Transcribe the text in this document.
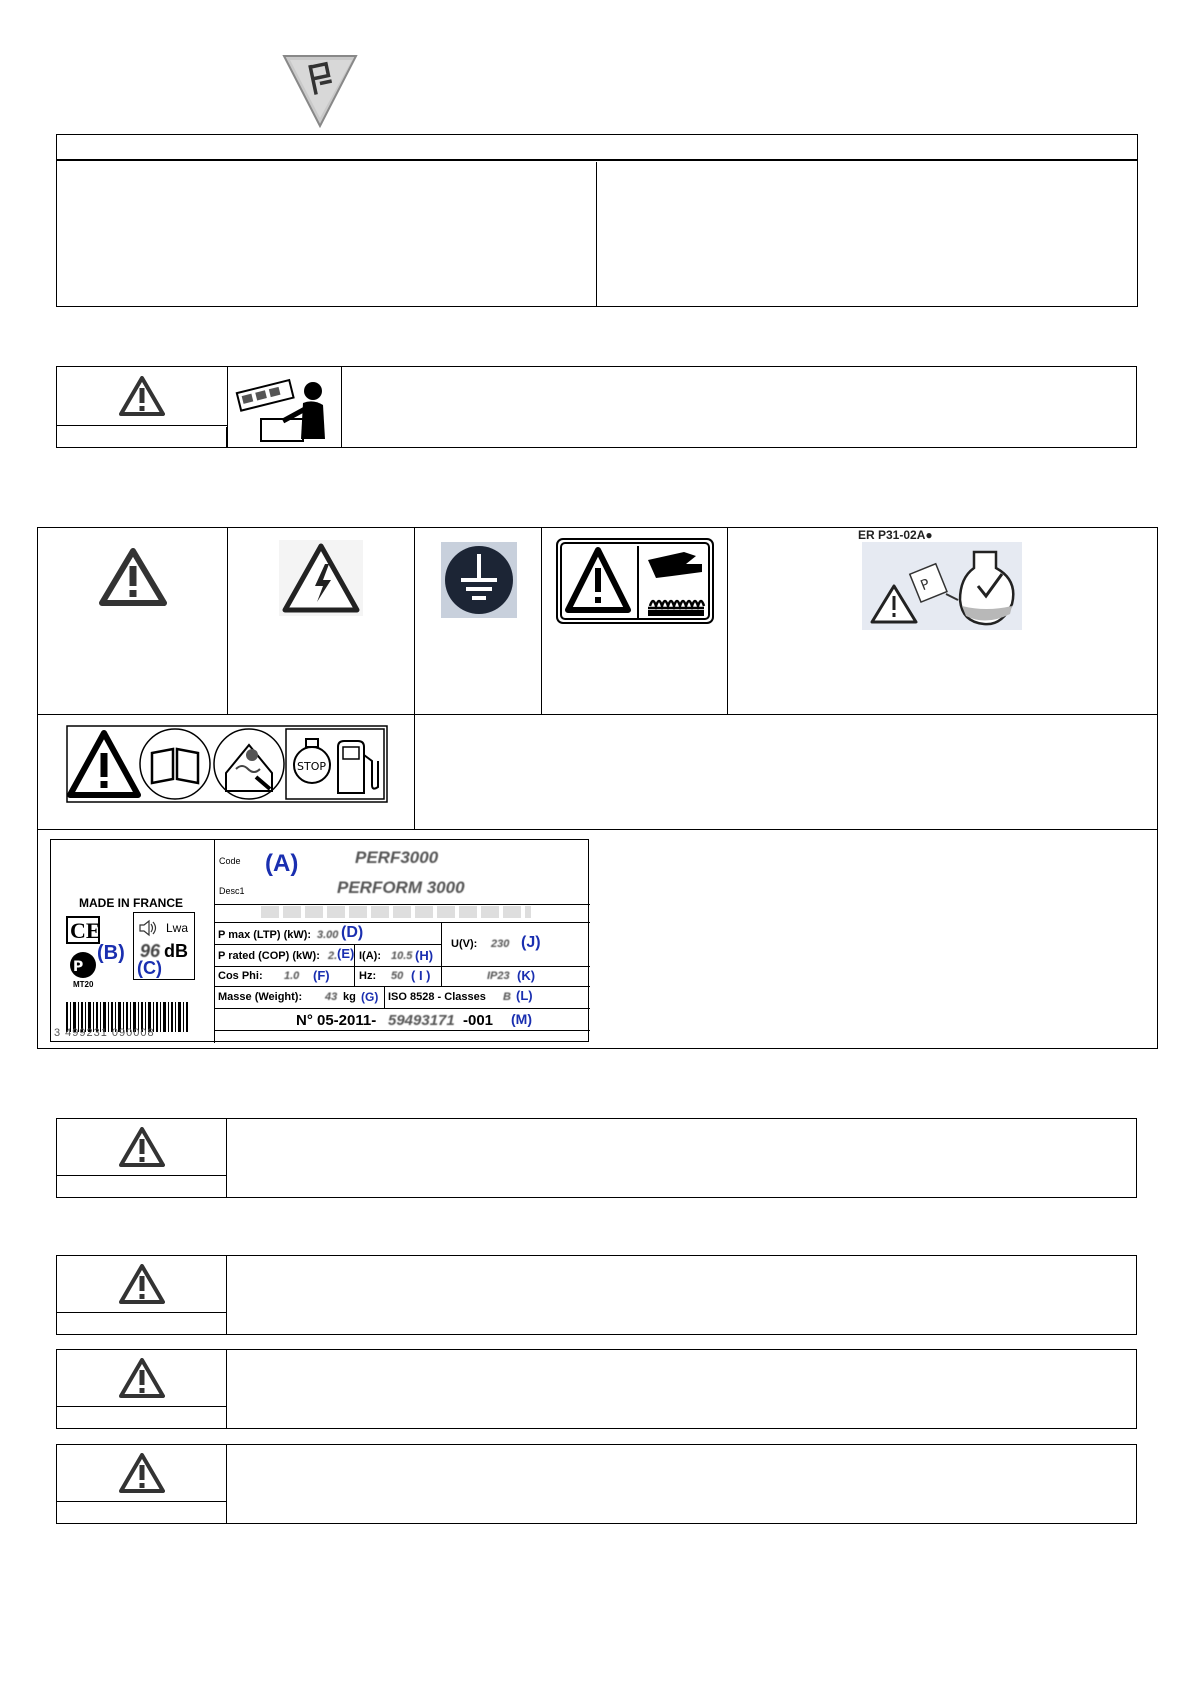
ER P31-02A●
P
STOP
MADE IN FRANCE
CE
P
MT20
(B)
Lwa
96 dB
(C)
3 499231 090008
Code (A)	PERF3000
Desc1	PERFORM 3000
P max (LTP) (kW): 3.00 (D)
P rated (COP) (kW): 2. (E) I(A): 10.5 (H)
U(V): 230 (J)
Cos Phi: 1.0 (F)	Hz: 50 ( I )	IP23 (K)
Masse (Weight): 43 kg (G) ISO 8528 - Classes B (L)
N° 05-2011- 59493171 -001 (M)
